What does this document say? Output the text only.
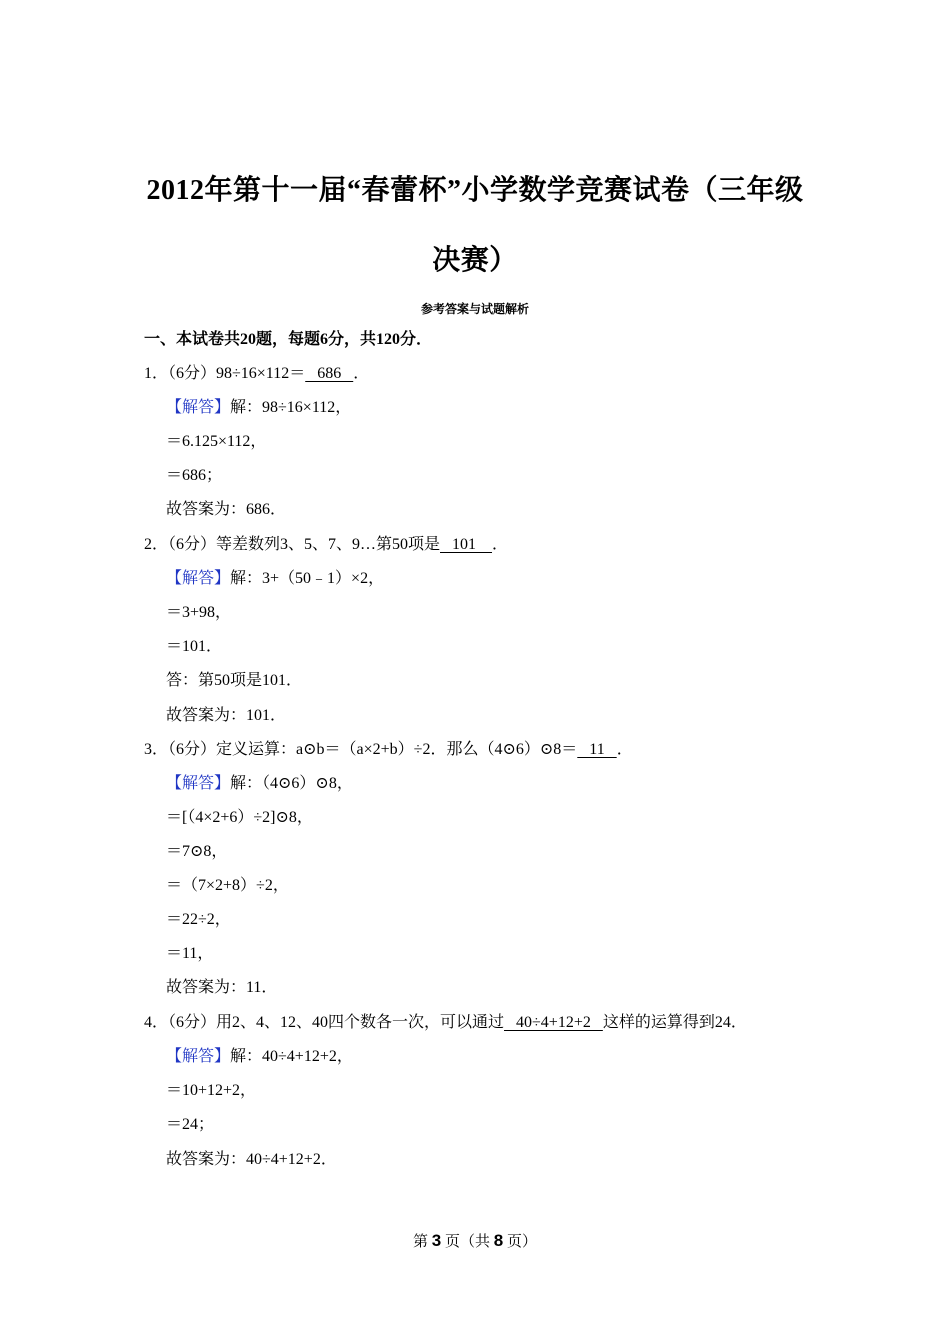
2012年第十一届“春蕾杯”小学数学竞赛试卷（三年级
决赛）
参考答案与试题解析
一、本试卷共20题，每题6分，共120分．
1．（6分）98÷16×112＝   686   ．
【解答】解：98÷16×112，
＝6.125×112，
＝686；
故答案为：686．
2．（6分）等差数列3、5、7、9…第50项是   101    ．
【解答】解：3+（50﹣1）×2，
＝3+98，
＝101．
答：第50项是101．
故答案为：101．
3．（6分）定义运算：a⊙b＝（a×2+b）÷2．那么（4⊙6）⊙8＝   11   ．
【解答】解：（4⊙6）⊙8，
＝[（4×2+6）÷2]⊙8，
＝7⊙8，
＝（7×2+8）÷2，
＝22÷2，
＝11，
故答案为：11．
4．（6分）用2、4、12、40四个数各一次，可以通过   40÷4+12+2   这样的运算得到24．
【解答】解：40÷4+12+2，
＝10+12+2，
＝24；
故答案为：40÷4+12+2．
第 3 页（共 8 页）
